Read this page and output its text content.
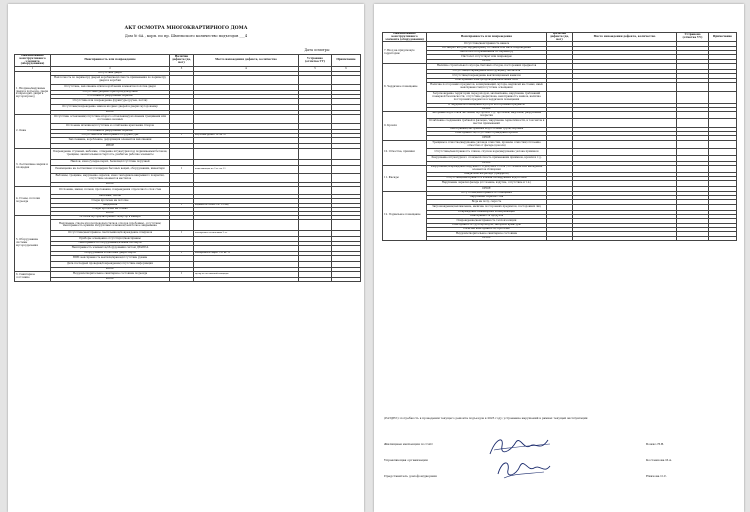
АКТ ОСМОТРА МНОГОКВАРТИРНОГО ДОМА
Дом № 6А , корп. по пр. Шмельского количество подъездов ___4
Дата осмотра:
Наименование конструктивного элемента (оборудования)	Неисправность или повреждение	Наличие дефекта (да, нет)	Место нахождения дефекта, количество	Устранено (отметка УУ)	Примечание
1	2	3	4	5	6
1. Входные/наружные двери в подъезде, двери в переходах, двери в мусоропровод	Отсутствие двери				
	Неплотность по периметру дверей коробки/неплотность примыкания по периметру двери и коробки				
	Отсутствие, заполнение и/или коробления элементов полотна двери				
	Отсутствие дверных приборов/доводчика				
	Отслоение и разрушение окраски				
	Отсутствие или повреждение фурнитуры (ручек, петли)				
	Отсутствие/повреждение замков входных дверей в дверях мусорокамер				
	ИНОЕ				
2. Окна	Отсутствие остекления/отсутствие второго остекления/дополнения трещинами или состояния оконных				
	Отслоение штапиков/отсутствие и ослабление крепления створок				
	Отслоение и разрушение окраски				
	Отсутствие или неисправность фурнитуры	1	отсутствие ручки 1 эт. кв. 29		
	Запотевание, коробление, деформация элементов заполнения				
	ИНОЕ				
3. Лестничные марши и площадки	Повреждение ступеней, выбоины, отпадение штукатурки под поднимаемым бетоном, трещины, значительная истертость, разбитые рабочие элементы				
	Наклон, износ/усадка перил, балясин/отсутствие поручней				
	Размещение на лестничных площадках бытовых вещей, оборудования, инвентаря	1	вещи жильцов на 3 эт. кв. 11		
	Выбоины, трещины, нарушение окраски, износ материала накрывного покрытия, отсутствие элементов настилов				
	ИНОЕ				
4. Стены, потолки подъезда	Отслоение, мазки, потеки, протекания, повреждения отделочного слоя стен				
	Выбоины, сколы				
	Следы протечек на потолке				
	Вандализм	1	надписи на стенах 4 эт. 2-3 под.		
	Следы протечек на стенах				
	ИНОЕ				
5. Оборудование системы мусороудаления	Остатки мусора/засоренность/мусор в камере				
	Нарушение ствола мусоропровода/остатков отходов (пробоины), отсутствие/неисправность крышек загрузочных клапанов/ неплотное закрывание				
	Отсутствие/неисправное светильников/повреждение плафонов	1	неисправны светильники 2 эт.		
	Приборы освещения отсутствуют/неисправны				
	Неисправность оборудования/элементов лифта				
	Неисправность элементов/оборудования систем ДУиППА				
	Оборудование и шахтные двери лифта	1	неисправность лифта 1 эт. кв. 12		
	ВПВ: неисправность вентиля/кранов/отсутствие рукава				
	Дата последней проверки/повреждение/отсутствие информации				
	ИНОЕ				
6. Санитарное состояние	Неудовлетворительное санитарное состояние подъезда	1	мусор на лестничной площадке		
	ИНОЕ				
Наименование конструктивного элемента (оборудования)	Неисправность или повреждение	Наличие дефекта (да, нет)	Место нахождения дефекта, количество	Устранено (отметка УУ)	Примечание
7. Вход на придомовую территорию	Отсутствие/неисправность навеса				
	Не закрыт вход на чердак/крышу по линии или иное повреждение				
	Неплотность примыкания по периметру				
	Пистолет отсутствует или поврежден				
	ИНОЕ				
8. Чердачное помещение	Наличие строительного мусора, бытовых отходов, посторонних предметов				
	Отсутствие/повреждение конструкций/утеплителя				
	Отсутствие/повреждение вентиляционных каналов				
	Неисправная электропроводка/кабельные сети				
	Наличие посторонних предметов, коммуникаций, мусора, надписей на стенах, иных неисправностей/отсутствие освещения				
	Загромождение территории перед входом, захламление, нарушение требований пожарной безопасности, отсутствие двери/люка, неисправность замков, наличие посторонних предметов в чердачном помещении				
	В чердачном помещении мусор и посторонние предметы				
	ИНОЕ				
9. Кровля	Засорение водостоков листьями, мусором и т.д., протечки, надсечки, разрушение покрытия				
	Ослабление соединения гребней и фальцев / нарушение герметичности, в том числе в местах примыканий				
	Неисправные/засоренные водосточные трубы, воронки				
	Неисправность/отсутствие ограждения кровли				
	ИНОЕ				
10. Отмостка, приямки	Трещины в отмостке/нарушение уклонов отмостки, провалы отмостки/отслоение отмостки от фасада (цоколя)				
	Отсутствие/неисправность сливов, спусков воды/нарушение уклона приямков				
	Разрушение штукатурного слоя/неплотность примыкания приямков, кровли и т.д.				
	ИНОЕ				
11. Фасады	Разрушение/повреждение наружного отделочного слоя / отслоение или выпадение элементов облицовки				
	Вандализм на фасаде (граффити)				
	Отсутствие/неисправность элементов наружных водостоков				
	Нарушение окраски фасада (отслоение, вздутие, отсутствие и т.п.)				
	ИНОЕ				
12. Подвальное помещение	Отсутствие/неисправность освещения				
	Нарушение окраски стен				
	Вода на полу, сырость				
	Загромождение/захламление, наличие посторонних предметов, посторонних лиц				
	Повреждение инженерных коммуникаций				
	Неисправность продухов				
	Повреждение/неисправность теплоизоляции				
	Неисправность трубопроводов, запорной арматуры				
	Наличие неисправности, протечек				
	Неудовлетворительное санитарное состояние				
	ИНОЕ				
(РАЗДЕЛ): потребность в проведении текущего ремонта подъездов в 2025 году; устранение нарушений в рамках текущей эксплуатации
Жилищная инспекция по САО	Божко Н.В.
Управляющая организация	Костенкова И.А.
Представитель домофон/дворник	Ниязова О.С.
